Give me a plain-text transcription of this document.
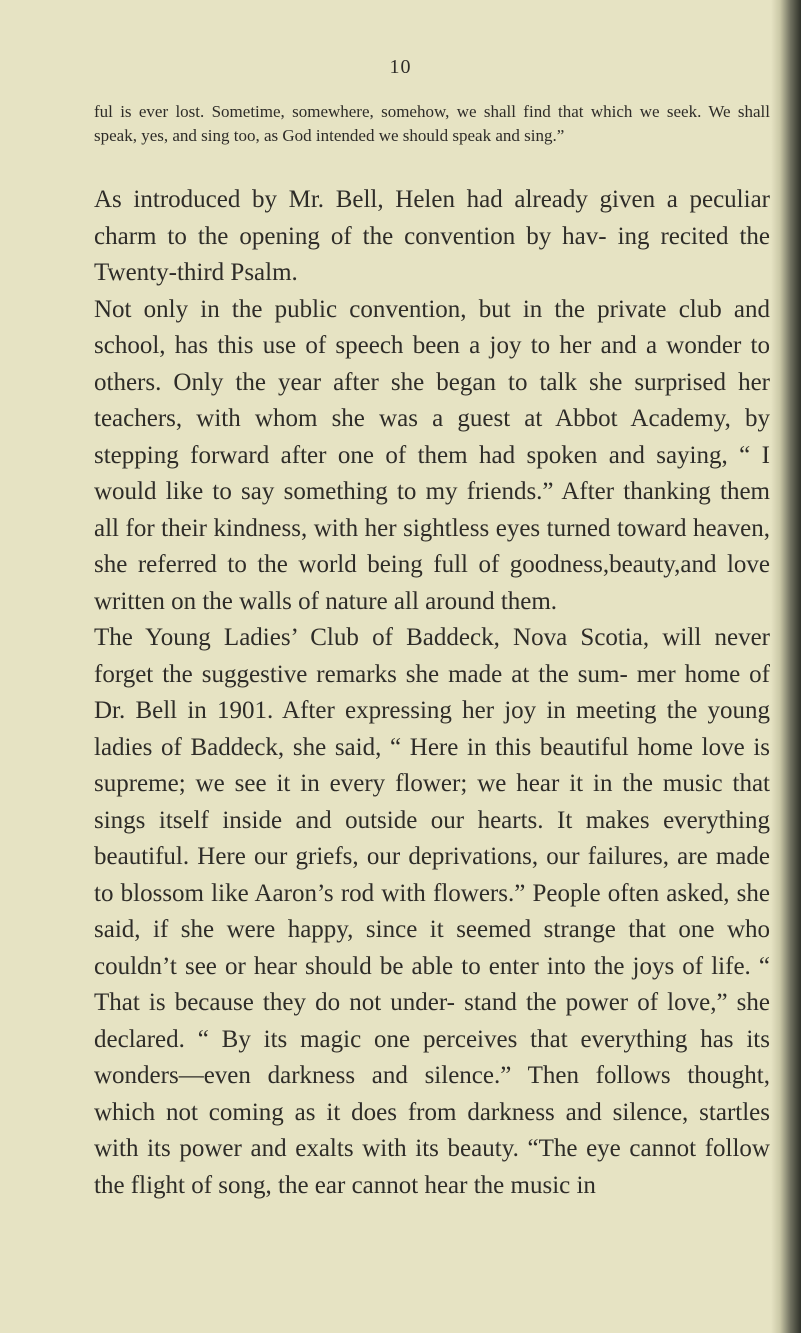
10

ful is ever lost. Sometime, somewhere, somehow, we shall find that which we seek. We shall speak, yes, and sing too, as God intended we should speak and sing.”

As introduced by Mr. Bell, Helen had already given a peculiar charm to the opening of the convention by hav- ing recited the Twenty-third Psalm.

Not only in the public convention, but in the private club and school, has this use of speech been a joy to her and a wonder to others. Only the year after she began to talk she surprised her teachers, with whom she was a guest at Abbot Academy, by stepping forward after one of them had spoken and saying, “ I would like to say something to my friends.” After thanking them all for their kindness, with her sightless eyes turned toward heaven, she referred to the world being full of goodness,beauty,and love written on the walls of nature all around them.

The Young Ladies’ Club of Baddeck, Nova Scotia, will never forget the suggestive remarks she made at the sum- mer home of Dr. Bell in 1901. After expressing her joy in meeting the young ladies of Baddeck, she said, “ Here in this beautiful home love is supreme; we see it in every flower; we hear it in the music that sings itself inside and outside our hearts. It makes everything beautiful. Here our griefs, our deprivations, our failures, are made to blossom like Aaron’s rod with flowers.” People often asked, she said, if she were happy, since it seemed strange that one who couldn’t see or hear should be able to enter into the joys of life. “ That is because they do not under- stand the power of love,” she declared. “ By its magic one perceives that everything has its wonders—even darkness and silence.” Then follows thought, which not coming as it does from darkness and silence, startles with its power and exalts with its beauty. “The eye cannot follow the flight of song, the ear cannot hear the music in
